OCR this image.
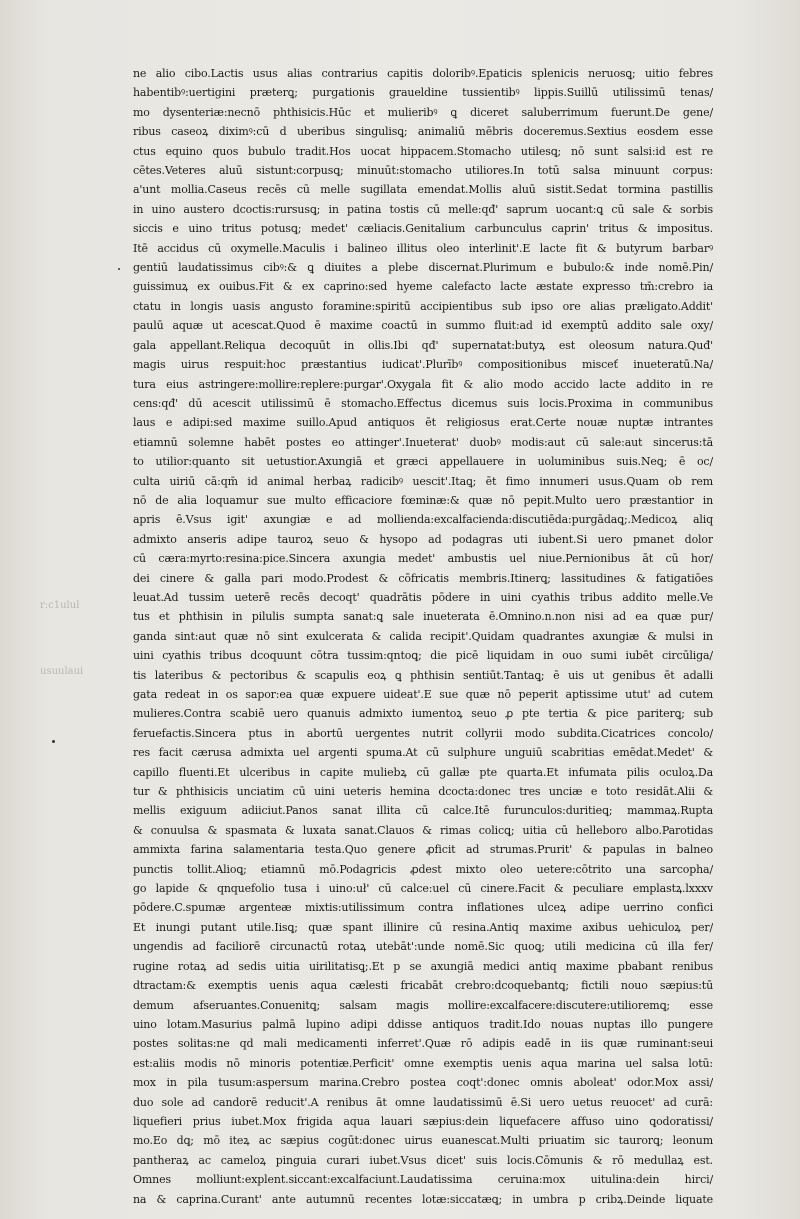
r:c1ulul
usuulaui
ne alio cibo.Lactis usus alias contrarius capitis doloribꝰ.Epaticis splenicis neruosꝗ; uitio febres
habentibꝰ:uertigini præterꝗ; purgationis graueldine tussientibꝰ lippis.Suillū utilissimū tenas/
mo dysenteriæ:necnō phthisicis.Hūc et mulieribꝰ ꝗ diceret saluberrimum fuerunt.De gene/
ribus caseoꝝ diximꝰ:cū d uberibus singulisꝗ; animaliū mēbris doceremus.Sextius eosdem esse
ctus equino quos bubulo tradit.Hos uocat hippacem.Stomacho utilesꝗ; nō sunt salsi:id est re
cētes.Veteres aluū sistunt:corpusꝗ; minuūt:stomacho utiliores.In totū salsa minuunt corpus:
a'unt mollia.Caseus recēs cū melle sugillata emendat.Mollis aluū sistit.Sedat tormina pastillis
in uino austero dcoctis:rursusꝗ; in patina tostis cū melle:qđ' saprum uocant:ꝗ cū sale & sorbis
siccis e uino tritus potusꝗ; medet' cæliacis.Genitalium carbunculus caprin' tritus & impositus.
Itē accidus cū oxymelle.Maculis i balineo illitus oleo interlinit'.E lacte fit & butyrum barbarꝰ
gentiū laudatissimus cibꝰ:& ꝗ diuites a plebe discernat.Plurimum e bubulo:& inde nomē.Pin/
guissimuꝝ ex ouibus.Fit & ex caprino:sed hyeme calefacto lacte æstate expresso tm̄:crebro ia
ctatu in longis uasis angusto foramine:spiritū accipientibus sub ipso ore alias præligato.Addit'
paulū aquæ ut acescat.Quod ē maxime coactū in summo fluit:ad id exemptū addito sale oxy/
gala appellant.Reliqua decoquūt in ollis.Ibi qđ' supernatat:butyꝝ est oleosum natura.Quđ'
magis uirus respuit:hoc præstantius iudicat'.Plurībꝰ compositionibus misceť inueteratū.Na/
tura eius astringere:mollire:replere:purgar'.Oxygala fit & alio modo accido lacte addito in re
cens:qđ' dū acescit utilissimū ē stomacho.Effectus dicemus suis locis.Proxima in communibus
laus e adipi:sed maxime suillo.Apud antiquos ēt religiosus erat.Certe nouæ nuptæ intrantes
etiamnū solemne habēt postes eo attinger'.Inueterat' duobꝰ modis:aut cū sale:aut sincerus:tā
to utilior:quanto sit uetustior.Axungiā et græci appellauere in uoluminibus suis.Neꝗ; ē oc/
culta uiriū cā:qm̄ id animal herbaꝝ radicibꝰ uescit'.Itaꝗ; ēt fimo innumeri usus.Quam ob rem
nō de alia loquamur sue multo efficaciore fœminæ:& quæ nō pepit.Multo uero præstantior in
apris ē.Vsus igit' axungiæ e ad mollienda:excalfacienda:discutiēda:purgādaꝗ;.Medicoꝝ aliq
admixto anseris adipe tauroꝝ seuo & hysopo ad podagras uti iubent.Si uero pmanet dolor
cū cæra:myrto:resina:pice.Sincera axungia medet' ambustis uel niue.Pernionibus āt cū hor/
dei cinere & galla pari modo.Prodest & cōfricatis membris.Itinerꝗ; lassitudines & fatigatiōes
leuat.Ad tussim ueterē recēs decoqt' quadrātis pōdere in uini cyathis tribus addito melle.Ve
tus et phthisin in pilulis sumpta sanat:ꝗ sale inueterata ē.Omnino.n.non nisi ad ea quæ pur/
ganda sint:aut quæ nō sint exulcerata & calida recipit'.Quidam quadrantes axungiæ & mulsi in
uini cyathis tribus dcoquunt cōtra tussim:qntoꝗ; die picē liquidam in ouo sumi iubēt circūliga/
tis lateribus & pectoribus & scapulis eoꝝ ꝗ phthisin sentiūt.Tantaꝗ; ē uis ut genibus ēt adalli
gata redeat in os sapor:ea quæ expuere uideat'.E sue quæ nō peperit aptissime utut' ad cutem
mulieres.Contra scabiē uero quanuis admixto iumentoꝝ seuo ꝓ pte tertia & pice pariterꝗ; sub
feruefactis.Sincera ptus in abortū uergentes nutrit collyrii modo subdita.Cicatrices concolo/
res facit cærusa admixta uel argenti spuma.At cū sulphure unguiū scabritias emēdat.Medet' &
capillo fluenti.Et ulceribus in capite muliebꝝ cū gallæ pte quarta.Et infumata pilis oculoꝝ.Da
tur & phthisicis unciatim cū uini ueteris hemina dcocta:donec tres unciæ e toto residāt.Alii &
mellis exiguum adiiciut.Panos sanat illita cū calce.Itē furunculos:duritieꝗ; mammaꝝ.Rupta
& conuulsa & spasmata & luxata sanat.Clauos & rimas colicꝗ; uitia cū helleboro albo.Parotidas
ammixta farina salamentaria testa.Quo genere ꝓficit ad strumas.Prurit' & papulas in balneo
punctis tollit.Alioꝗ; etiamnū mō.Podagricis ꝓdest mixto oleo uetere:cōtrito una sarcopha/
go lapide & qnquefolio tusa i uino:uł' cū calce:uel cū cinere.Facit & peculiare emplastꝝ.lxxxv
pōdere.C.spumæ argenteæ mixtis:utilissimum contra inflationes ulceꝝ adipe uerrino confici
Et inungi putant utile.Iisꝗ; quæ spant illinire cū resina.Antiq maxime axibus uehiculoꝝ per/
ungendis ad faciliorē circunactū rotaꝝ utebāt':unde nomē.Sic quoꝗ; utili medicina cū illa fer/
rugine rotaꝝ ad sedis uitia uirilitatisꝗ;.Et p se axungiā medici antiq maxime pbabant renibus
dtractam:& exemptis uenis aqua cælesti fricabāt crebro:dcoquebantꝗ; fictili nouo sæpius:tū
demum afseruantes.Conuenitꝗ; salsam magis mollire:excalfacere:discutere:utilioremꝗ; esse
uino lotam.Masurius palmā lupino adipi ddisse antiquos tradit.Ido nouas nuptas illo pungere
postes solitas:ne qd mali medicamenti inferret'.Quæ rō adipis eadē in iis quæ ruminant:seui
est:aliis modis nō minoris potentiæ.Perficit' omne exemptis uenis aqua marina uel salsa lotū:
mox in pila tusum:aspersum marina.Crebro postea coqt':donec omnis aboleat' odor.Mox assi/
duo sole ad candorē reducit'.A renibus āt omne laudatissimū ē.Si uero uetus reuocet' ad curā:
liquefieri prius iubet.Mox frigida aqua lauari sæpius:dein liquefacere affuso uino ꝗodoratissi/
mo.Eo dꝗ; mō iteꝝ ac sæpius cogūt:donec uirus euanescat.Multi priuatim sic taurorꝗ; leonum
pantheraꝝ ac cameloꝝ pinguia curari iubet.Vsus dicet' suis locis.Cōmunis & rō medullaꝝ est.
Omnes molliunt:explent.siccant:excalfaciunt.Laudatissima ceruina:mox uitulina:dein hirci/
na & caprina.Curant' ante autumnū recentes lotæ:siccatæꝗ; in umbra p cribꝝ.Deinde liquate
